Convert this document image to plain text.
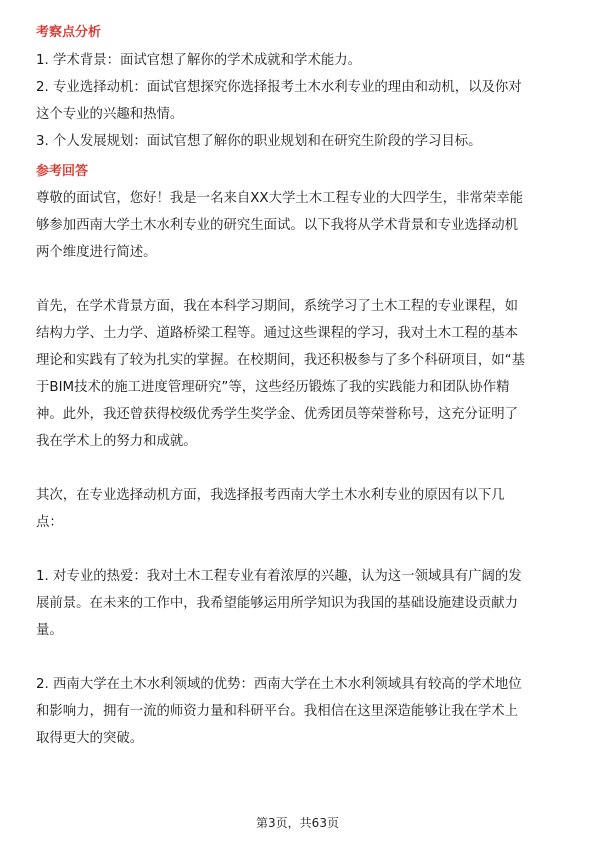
考察点分析

1. 学术背景：面试官想了解你的学术成就和学术能力。

2. 专业选择动机：面试官想探究你选择报考土木水利专业的理由和动机，以及你对

这个专业的兴趣和热情。

3. 个人发展规划：面试官想了解你的职业规划和在研究生阶段的学习目标。

参考回答

尊敬的面试官，您好！我是一名来自XX大学土木工程专业的大四学生，非常荣幸能

够参加西南大学土木水利专业的研究生面试。以下我将从学术背景和专业选择动机

两个维度进行简述。

首先，在学术背景方面，我在本科学习期间，系统学习了土木工程的专业课程，如

结构力学、土力学、道路桥梁工程等。通过这些课程的学习，我对土木工程的基本

理论和实践有了较为扎实的掌握。在校期间，我还积极参与了多个科研项目，如“基

于BIM技术的施工进度管理研究”等，这些经历锻炼了我的实践能力和团队协作精

神。此外，我还曾获得校级优秀学生奖学金、优秀团员等荣誉称号，这充分证明了

我在学术上的努力和成就。

其次，在专业选择动机方面，我选择报考西南大学土木水利专业的原因有以下几

点：

1. 对专业的热爱：我对土木工程专业有着浓厚的兴趣，认为这一领域具有广阔的发

展前景。在未来的工作中，我希望能够运用所学知识为我国的基础设施建设贡献力

量。

2. 西南大学在土木水利领域的优势：西南大学在土木水利领域具有较高的学术地位

和影响力，拥有一流的师资力量和科研平台。我相信在这里深造能够让我在学术上

取得更大的突破。

第3页，共63页
